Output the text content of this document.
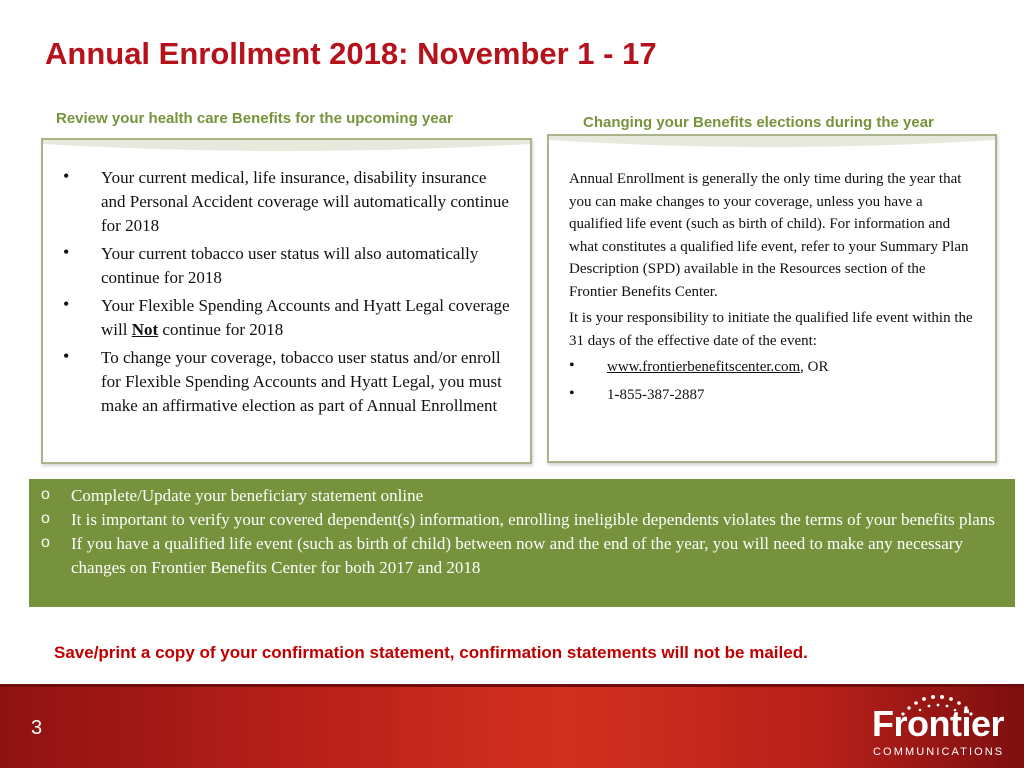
Annual Enrollment 2018: November 1 - 17
Review your health care Benefits for the upcoming year	Changing your Benefits elections during the year
• Your current medical, life insurance, disability insurance and Personal Accident coverage will automatically continue for 2018
• Your current tobacco user status will also automatically continue for 2018
• Your Flexible Spending Accounts and Hyatt Legal coverage will Not continue for 2018
• To change your coverage, tobacco user status and/or enroll for Flexible Spending Accounts and Hyatt Legal, you must make an affirmative election as part of Annual Enrollment

Annual Enrollment is generally the only time during the year that you can make changes to your coverage, unless you have a qualified life event (such as birth of child). For information and what constitutes a qualified life event, refer to your Summary Plan Description (SPD) available in the Resources section of the Frontier Benefits Center.

It is your responsibility to initiate the qualified life event within the 31 days of the effective date of the event:

• www.frontierbenefitscenter.com, OR
• 1-855-387-2887
o Complete/Update your beneficiary statement online
o It is important to verify your covered dependent(s) information, enrolling ineligible dependents violates the terms of your benefits plans
o If you have a qualified life event (such as birth of child) between now and the end of the year, you will need to make any necessary changes on Frontier Benefits Center for both 2017 and 2018
Save/print a copy of your confirmation statement, confirmation statements will not be mailed.
3	Frontier
COMMUNICATIONS
